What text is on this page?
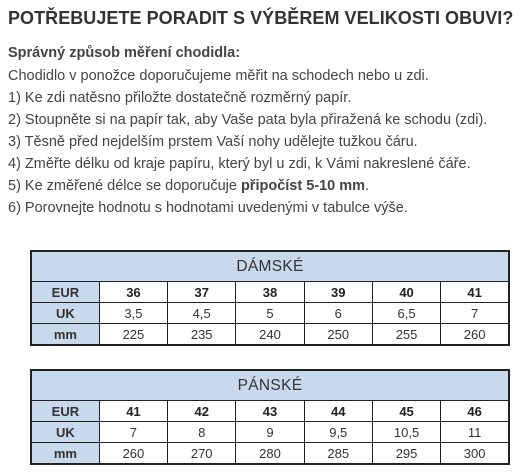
POTŘEBUJETE PORADIT S VÝBĚREM VELIKOSTI OBUVI?
Správný způsob měření chodidla:
Chodidlo v ponožce doporučujeme měřit na schodech nebo u zdi.
1) Ke zdi natěsno přiložte dostatečně rozměrný papír.
2) Stoupněte si na papír tak, aby Vaše pata byla přiražená ke schodu (zdi).
3) Těsně před nejdelším prstem Vaší nohy udělejte tužkou čáru.
4) Změřte délku od kraje papíru, který byl u zdi, k Vámi nakreslené čáře.
5) Ke změřené délce se doporučuje připočíst 5-10 mm.
6) Porovnejte hodnotu s hodnotami uvedenými v tabulce výše.
DÁMSKÉ						
EUR	36	37	38	39	40	41
UK	3,5	4,5	5	6	6,5	7
mm	225	235	240	250	255	260
PÁNSKÉ						
EUR	41	42	43	44	45	46
UK	7	8	9	9,5	10,5	11
mm	260	270	280	285	295	300
